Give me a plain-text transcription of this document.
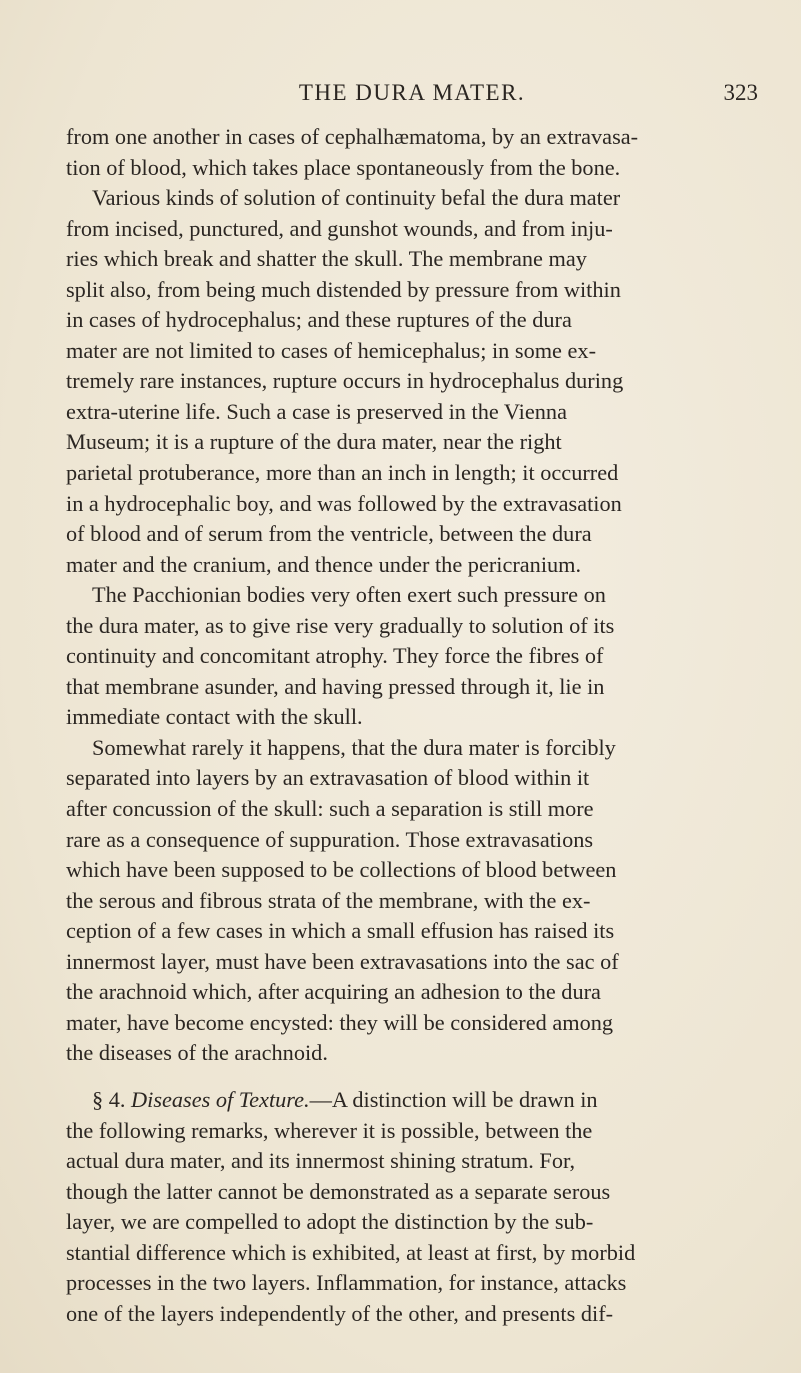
THE DURA MATER.	323
from one another in cases of cephalhæmatoma, by an extravasa-
tion of blood, which takes place spontaneously from the bone.
Various kinds of solution of continuity befal the dura mater
from incised, punctured, and gunshot wounds, and from inju-
ries which break and shatter the skull. The membrane may
split also, from being much distended by pressure from within
in cases of hydrocephalus; and these ruptures of the dura
mater are not limited to cases of hemicephalus; in some ex-
tremely rare instances, rupture occurs in hydrocephalus during
extra-uterine life. Such a case is preserved in the Vienna
Museum; it is a rupture of the dura mater, near the right
parietal protuberance, more than an inch in length; it occurred
in a hydrocephalic boy, and was followed by the extravasation
of blood and of serum from the ventricle, between the dura
mater and the cranium, and thence under the pericranium.
The Pacchionian bodies very often exert such pressure on
the dura mater, as to give rise very gradually to solution of its
continuity and concomitant atrophy. They force the fibres of
that membrane asunder, and having pressed through it, lie in
immediate contact with the skull.
Somewhat rarely it happens, that the dura mater is forcibly
separated into layers by an extravasation of blood within it
after concussion of the skull: such a separation is still more
rare as a consequence of suppuration. Those extravasations
which have been supposed to be collections of blood between
the serous and fibrous strata of the membrane, with the ex-
ception of a few cases in which a small effusion has raised its
innermost layer, must have been extravasations into the sac of
the arachnoid which, after acquiring an adhesion to the dura
mater, have become encysted: they will be considered among
the diseases of the arachnoid.
§ 4. Diseases of Texture.—A distinction will be drawn in
the following remarks, wherever it is possible, between the
actual dura mater, and its innermost shining stratum. For,
though the latter cannot be demonstrated as a separate serous
layer, we are compelled to adopt the distinction by the sub-
stantial difference which is exhibited, at least at first, by morbid
processes in the two layers. Inflammation, for instance, attacks
one of the layers independently of the other, and presents dif-
